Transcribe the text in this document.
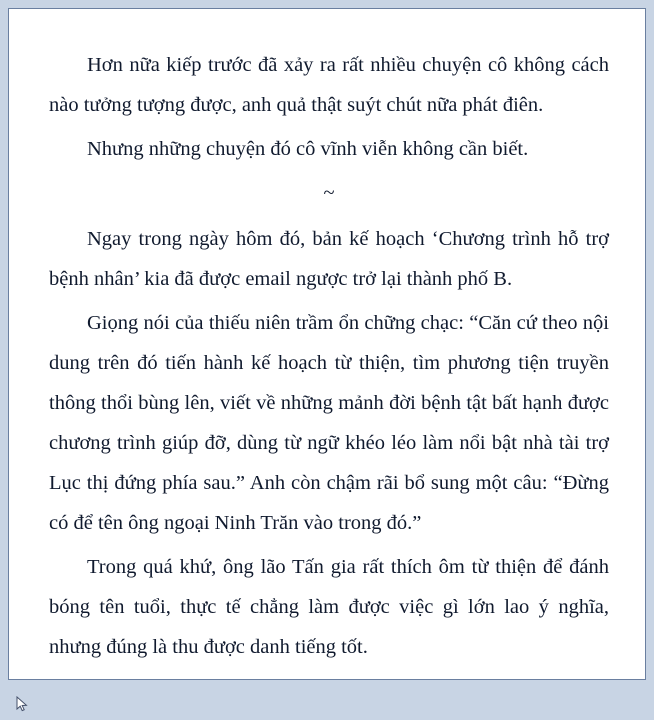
Hơn nữa kiếp trước đã xảy ra rất nhiều chuyện cô không cách nào tưởng tượng được, anh quả thật suýt chút nữa phát điên.

Nhưng những chuyện đó cô vĩnh viễn không cần biết.

~

Ngay trong ngày hôm đó, bản kế hoạch ‘Chương trình hỗ trợ bệnh nhân’ kia đã được email ngược trở lại thành phố B.

Giọng nói của thiếu niên trầm ổn chững chạc: “Căn cứ theo nội dung trên đó tiến hành kế hoạch từ thiện, tìm phương tiện truyền thông thổi bùng lên, viết về những mảnh đời bệnh tật bất hạnh được chương trình giúp đỡ, dùng từ ngữ khéo léo làm nổi bật nhà tài trợ Lục thị đứng phía sau.” Anh còn chậm rãi bổ sung một câu: “Đừng có để tên ông ngoại Ninh Trăn vào trong đó.”

Trong quá khứ, ông lão Tấn gia rất thích ôm từ thiện để đánh bóng tên tuổi, thực tế chẳng làm được việc gì lớn lao ý nghĩa, nhưng đúng là thu được danh tiếng tốt.
